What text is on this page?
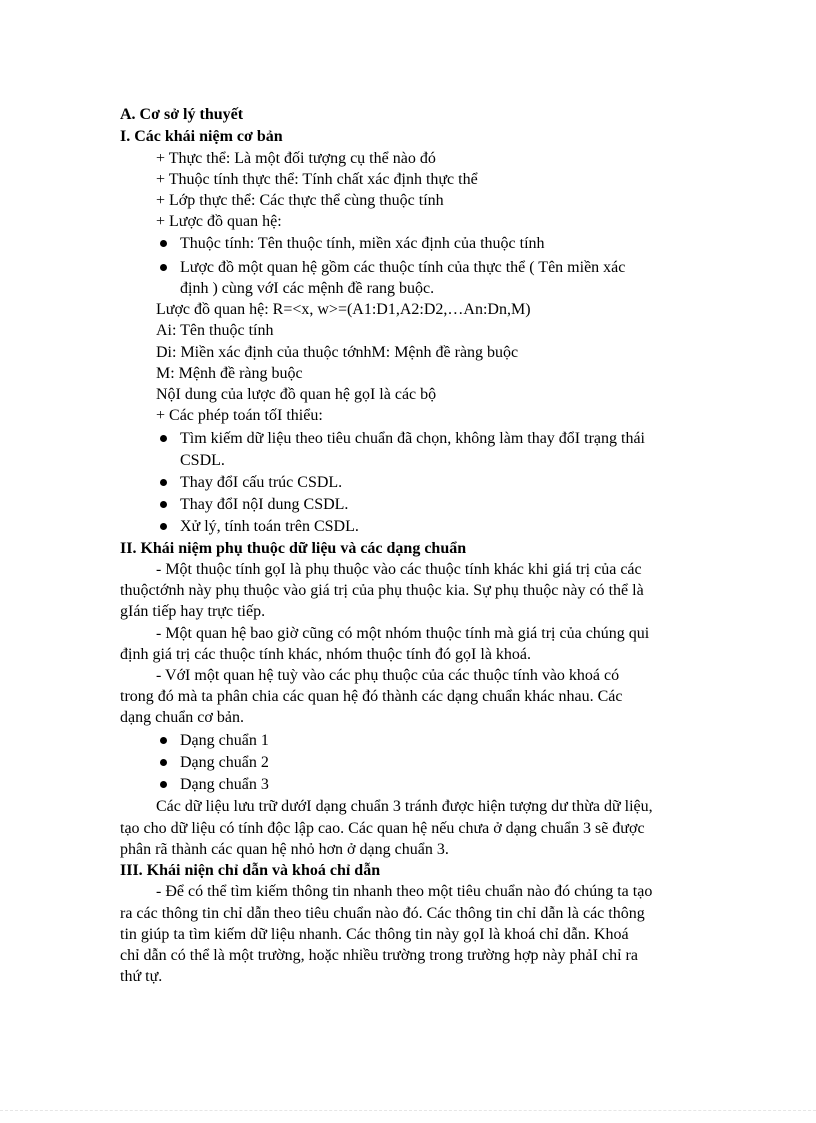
A. Cơ sở lý thuyết
I. Các khái niệm cơ bản
+ Thực thể: Là một đối tượng cụ thể nào đó
+ Thuộc tính thực thể: Tính chất xác định thực thể
+ Lớp thực thể: Các thực thể cùng thuộc tính
+ Lược đồ quan hệ:
Thuộc tính: Tên thuộc tính, miền xác định của thuộc tính
Lược đồ một quan hệ gồm các thuộc tính của thực thể ( Tên miền xác
định ) cùng vớI các mệnh đề rang buộc.
Lược đồ quan hệ: R=<x, w>=(A1:D1,A2:D2,…An:Dn,M)
Ai: Tên thuộc tính
Di: Miền xác định của thuộc tớnhM: Mệnh đề ràng buộc
M: Mệnh đề ràng buộc
NộI dung của lược đồ quan hệ gọI là các bộ
+ Các phép toán tốI thiểu:
Tìm kiếm dữ liệu theo tiêu chuẩn đã chọn, không làm thay đổI trạng thái
CSDL.
Thay đổI cấu trúc CSDL.
Thay đổI nộI dung CSDL.
Xử lý, tính toán trên CSDL.
II. Khái niệm phụ thuộc dữ liệu và các dạng chuẩn
- Một thuộc tính gọI là phụ thuộc vào các thuộc tính khác khi giá trị của các
thuộctớnh này phụ thuộc vào giá trị của phụ thuộc kia. Sự phụ thuộc này có thể là
gIán tiếp hay trực tiếp.
- Một quan hệ bao giờ cũng có một nhóm thuộc tính mà giá trị của chúng qui
định giá trị các thuộc tính khác, nhóm thuộc tính đó gọI là khoá.
- VớI một quan hệ tuỳ vào các phụ thuộc của các thuộc tính vào khoá có
trong đó mà ta phân chia các quan hệ đó thành các dạng chuẩn khác nhau. Các
dạng chuẩn cơ bản.
Dạng chuẩn 1
Dạng chuẩn 2
Dạng chuẩn 3
Các dữ liệu lưu trữ dướI dạng chuẩn 3 tránh được hiện tượng dư thừa dữ liệu,
tạo cho dữ liệu có tính độc lập cao. Các quan hệ nếu chưa ở dạng chuẩn 3 sẽ được
phân rã thành các quan hệ nhỏ hơn ở dạng chuẩn 3.
III. Khái niện chỉ dẫn và khoá chỉ dẫn
- Để có thể tìm kiếm thông tin nhanh theo một tiêu chuẩn nào đó chúng ta tạo
ra các thông tin chỉ dẫn theo tiêu chuẩn nào đó. Các thông tin chỉ dẫn là các thông
tin giúp ta tìm kiếm dữ liệu nhanh. Các thông tin này gọI là khoá chỉ dẫn. Khoá
chỉ dẫn có thể là một trường, hoặc nhiều trường trong trường hợp này phảI chỉ ra
thứ tự.
